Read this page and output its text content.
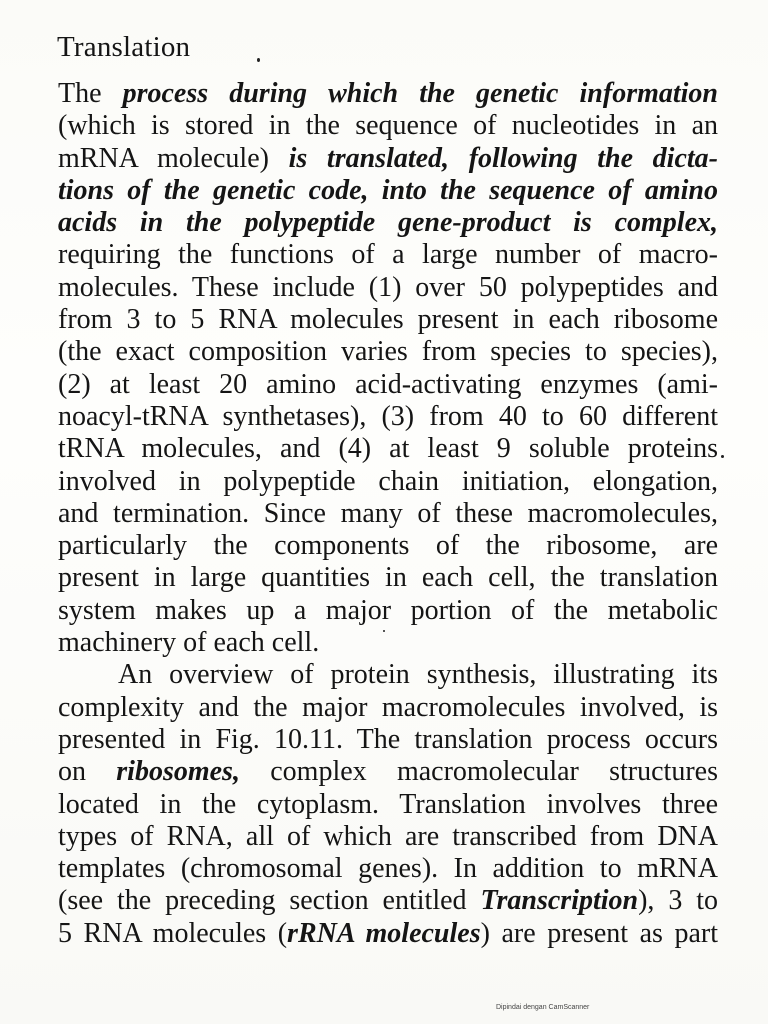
Translation
The process during which the genetic information
(which is stored in the sequence of nucleotides in an
mRNA molecule) is translated, following the dicta-
tions of the genetic code, into the sequence of amino
acids in the polypeptide gene-product is complex,
requiring the functions of a large number of macro-
molecules. These include (1) over 50 polypeptides and
from 3 to 5 RNA molecules present in each ribosome
(the exact composition varies from species to species),
(2) at least 20 amino acid-activating enzymes (ami-
noacyl-tRNA synthetases), (3) from 40 to 60 different
tRNA molecules, and (4) at least 9 soluble proteins
involved in polypeptide chain initiation, elongation,
and termination. Since many of these macromolecules,
particularly the components of the ribosome, are
present in large quantities in each cell, the translation
system makes up a major portion of the metabolic
machinery of each cell.
An overview of protein synthesis, illustrating its
complexity and the major macromolecules involved, is
presented in Fig. 10.11. The translation process occurs
on ribosomes, complex macromolecular structures
located in the cytoplasm. Translation involves three
types of RNA, all of which are transcribed from DNA
templates (chromosomal genes). In addition to mRNA
(see the preceding section entitled Transcription), 3 to
5 RNA molecules (rRNA molecules) are present as part
Dipindai dengan CamScanner
